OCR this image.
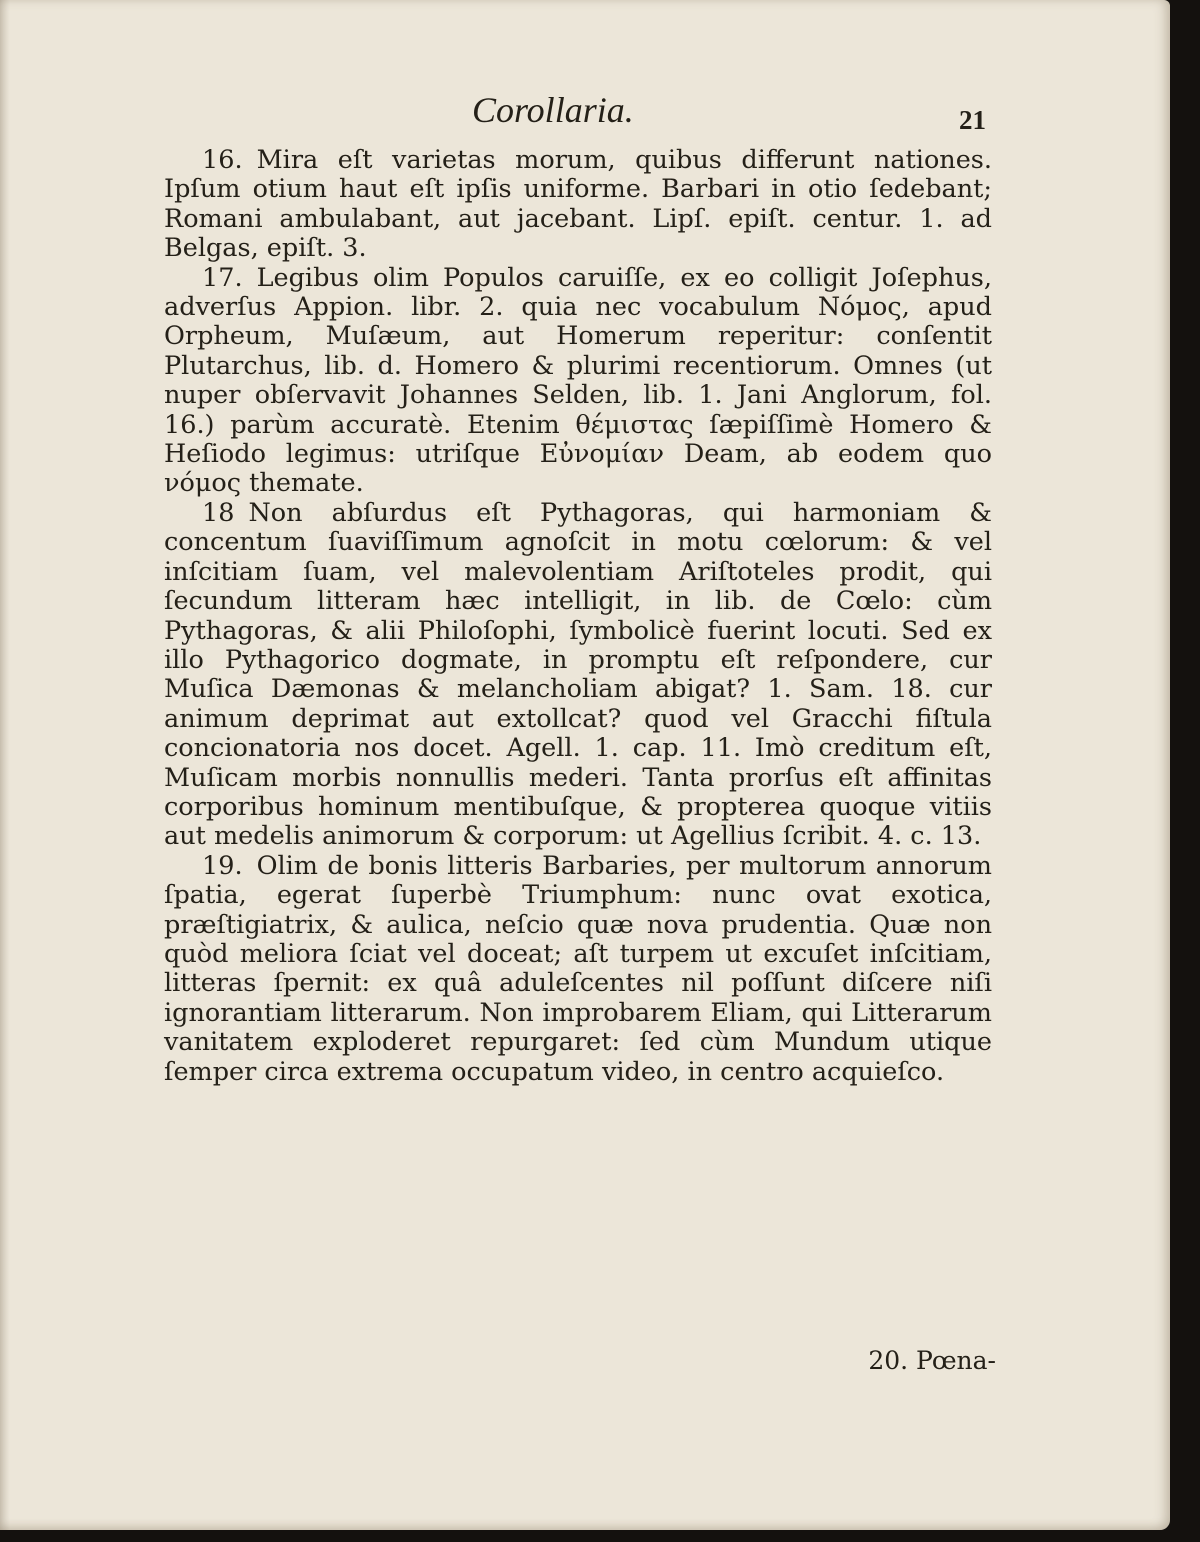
Corollaria.	21

16. Mira eſt varietas morum, quibus differunt nationes. Ipſum otium haut eſt ipſis uniforme. Barbari in otio ſedebant; Romani ambulabant, aut jacebant. Lipſ. epiſt. centur. 1. ad Belgas, epiſt. 3.

17. Legibus olim Populos caruiſſe, ex eo colligit Joſephus, adverſus Appion. libr. 2. quia nec vocabulum Νόμος, apud Orpheum, Muſæum, aut Homerum reperitur: conſentit Plutarchus, lib. d. Homero & plurimi recentiorum. Omnes (ut nuper obſervavit Johannes Selden, lib. 1. Jani Anglorum, fol. 16.) parùm accuratè. Etenim θέμιστας ſæpiſſimè Homero & Heſiodo legimus: utriſque Εὐνομίαν Deam, ab eodem quo νόμος themate.

18 Non abſurdus eſt Pythagoras, qui harmoniam & concentum ſuaviſſimum agnoſcit in motu cœlorum: & vel inſcitiam ſuam, vel malevolentiam Ariſtoteles prodit, qui ſecundum litteram hæc intelligit, in lib. de Cœlo: cùm Pythagoras, & alii Philoſophi, ſymbolicè fuerint locuti. Sed ex illo Pythagorico dogmate, in promptu eſt reſpondere, cur Muſica Dæmonas & melancholiam abigat? 1. Sam. 18. cur animum deprimat aut extollcat? quod vel Gracchi fiſtula concionatoria nos docet. Agell. 1. cap. 11. Imò creditum eſt, Muſicam morbis nonnullis mederi. Tanta prorſus eſt affinitas corporibus hominum mentibuſque, & propterea quoque vitiis aut medelis animorum & corporum: ut Agellius ſcribit. 4. c. 13.

19. Olim de bonis litteris Barbaries, per multorum annorum ſpatia, egerat ſuperbè Triumphum: nunc ovat exotica, præſtigiatrix, & aulica, neſcio quæ nova prudentia. Quæ non quòd meliora ſciat vel doceat; aſt turpem ut excuſet inſcitiam, litteras ſpernit: ex quâ aduleſcentes nil poſſunt diſcere niſi ignorantiam litterarum. Non improbarem Eliam, qui Litterarum vanitatem exploderet repurgaret: ſed cùm Mundum utique ſemper circa extrema occupatum video, in centro acquieſco.

20. Pœna-
